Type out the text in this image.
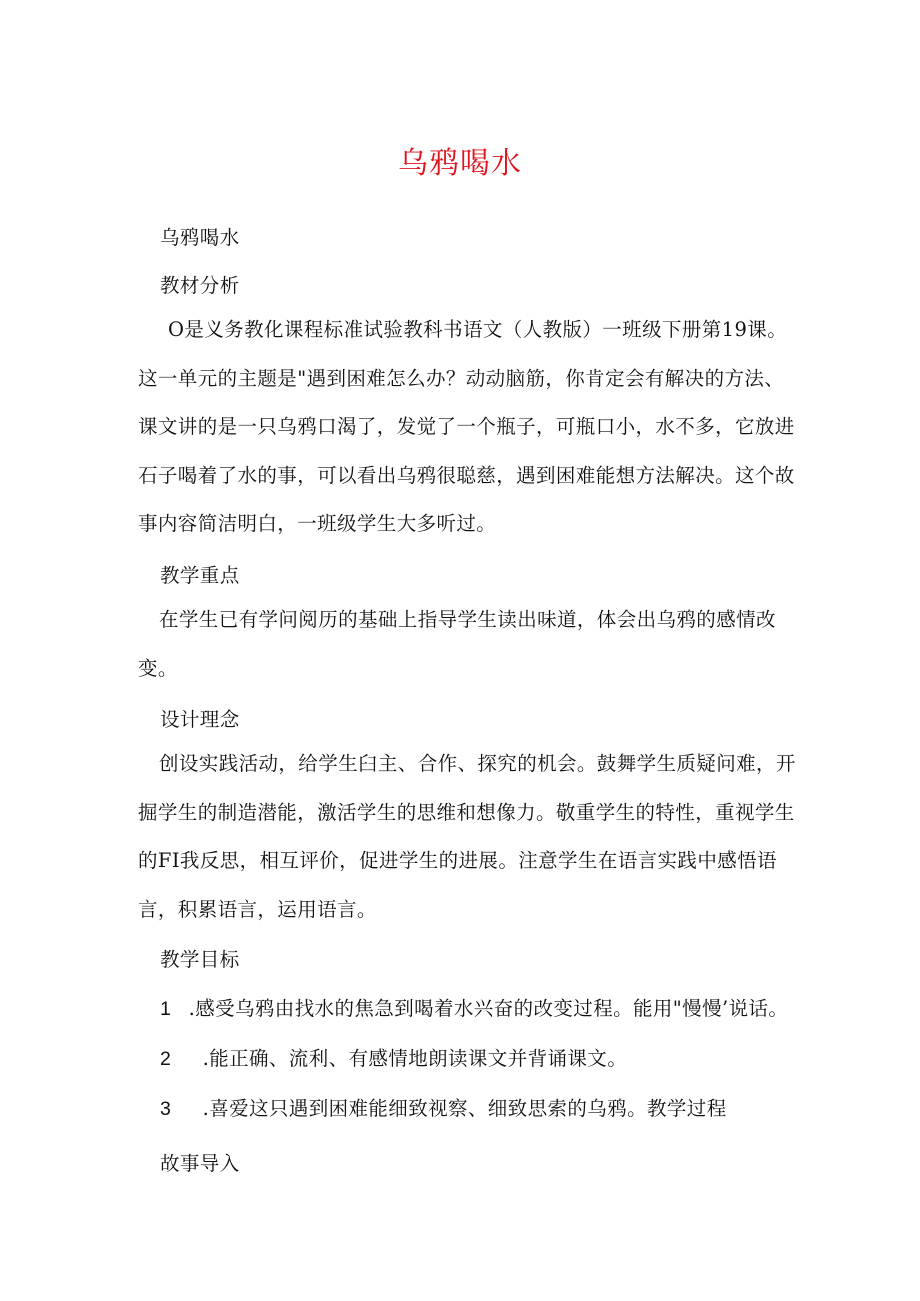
乌鸦喝水
乌鸦喝水
教材分析
O是义务教化课程标准试验教科书语文（人教版）一班级下册第19课。这一单元的主题是"遇到困难怎么办？动动脑筋，你肯定会有解决的方法、课文讲的是一只乌鸦口渴了，发觉了一个瓶子，可瓶口小，水不多，它放进石子喝着了水的事，可以看出乌鸦很聪慈，遇到困难能想方法解决。这个故事内容简洁明白，一班级学生大多听过。
教学重点
在学生已有学问阅历的基础上指导学生读出味道，体会出乌鸦的感情改变。
设计理念
创设实践活动，给学生臼主、合作、探究的机会。鼓舞学生质疑问难，开掘学生的制造潜能，激活学生的思维和想像力。敬重学生的特性，重视学生的FI我反思，相互评价，促进学生的进展。注意学生在语言实践中感悟语言，积累语言，运用语言。
教学目标
1 .感受乌鸦由找水的焦急到喝着水兴奋的改变过程。能用"慢慢’说话。
2 .能正确、流利、有感情地朗读课文并背诵课文。
3 .喜爱这只遇到困难能细致视察、细致思索的乌鸦。教学过程
故事导入
